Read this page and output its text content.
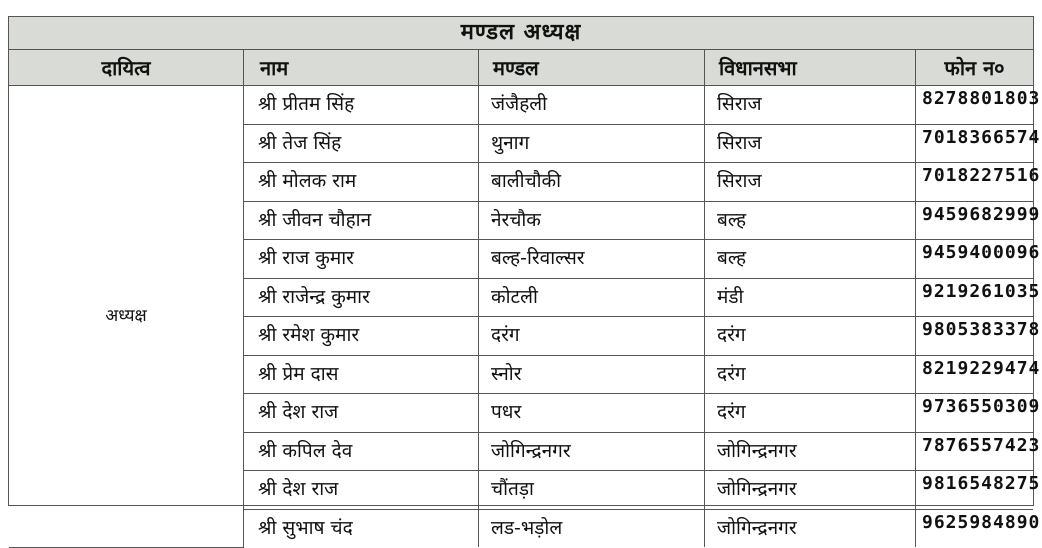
मण्डल अध्यक्ष
दायित्व	नाम	मण्डल	विधानसभा	फोन न०
अध्यक्ष	श्री प्रीतम सिंह	जंजैहली	सिराज	8278801803
	श्री तेज सिंह	थुनाग	सिराज	7018366574
	श्री मोलक राम	बालीचौकी	सिराज	7018227516
	श्री जीवन चौहान	नेरचौक	बल्ह	9459682999
	श्री राज कुमार	बल्ह-रिवाल्सर	बल्ह	9459400096
	श्री राजेन्द्र कुमार	कोटली	मंडी	9219261035
	श्री रमेश कुमार	दरंग	दरंग	9805383378
	श्री प्रेम दास	स्नोर	दरंग	8219229474
	श्री देश राज	पधर	दरंग	9736550309
	श्री कपिल देव	जोगिन्द्रनगर	जोगिन्द्रनगर	7876557423
	श्री देश राज	चौंतड़ा	जोगिन्द्रनगर	9816548275
	श्री सुभाष चंद	लड-भड़ोल	जोगिन्द्रनगर	9625984890
